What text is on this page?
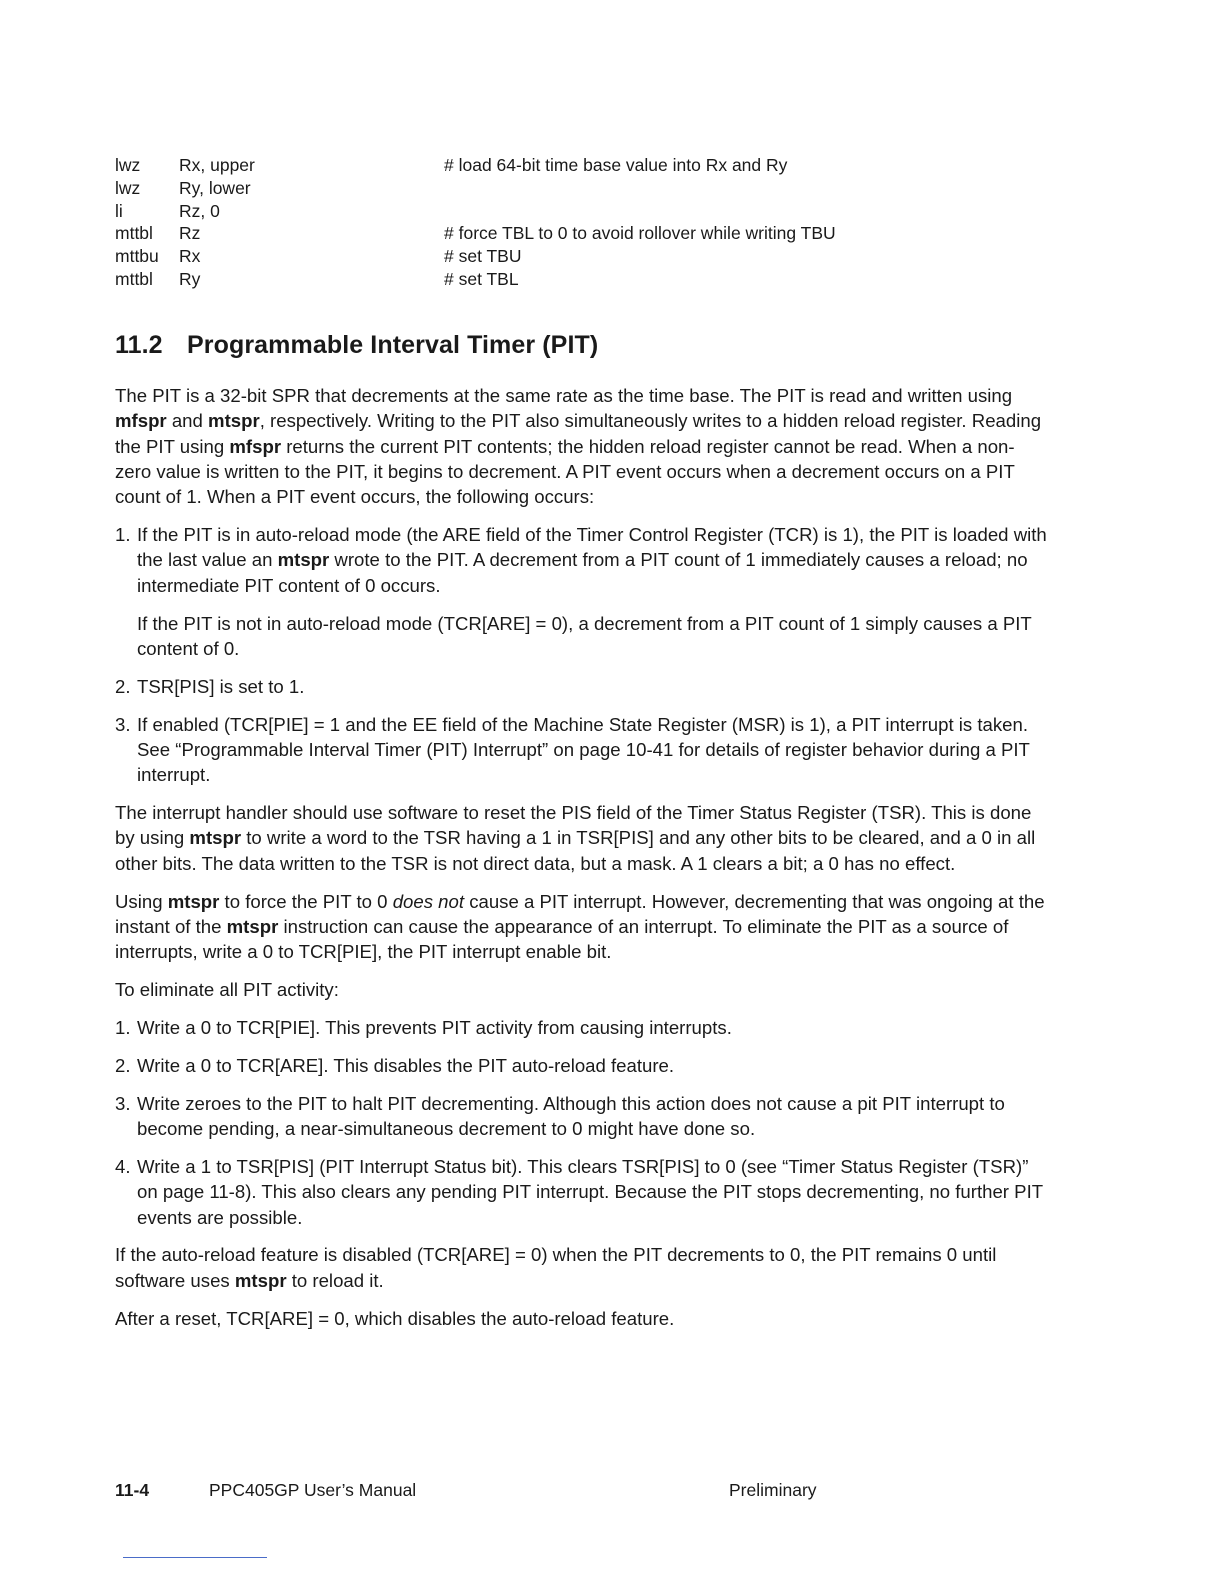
lwz	Rx, upper	# load 64-bit time base value into Rx and Ry
lwz	Ry, lower
li	Rz, 0
mttbl	Rz	# force TBL to 0 to avoid rollover while writing TBU
mttbu	Rx	# set TBU
mttbl	Ry	# set TBL
11.2 Programmable Interval Timer (PIT)

The PIT is a 32-bit SPR that decrements at the same rate as the time base. The PIT is read and written using mfspr and mtspr, respectively. Writing to the PIT also simultaneously writes to a hidden reload register. Reading the PIT using mfspr returns the current PIT contents; the hidden reload register cannot be read. When a non-zero value is written to the PIT, it begins to decrement. A PIT event occurs when a decrement occurs on a PIT count of 1. When a PIT event occurs, the following occurs:

1. If the PIT is in auto-reload mode (the ARE field of the Timer Control Register (TCR) is 1), the PIT is loaded with the last value an mtspr wrote to the PIT. A decrement from a PIT count of 1 immediately causes a reload; no intermediate PIT content of 0 occurs.

If the PIT is not in auto-reload mode (TCR[ARE] = 0), a decrement from a PIT count of 1 simply causes a PIT content of 0.

2. TSR[PIS] is set to 1.
3. If enabled (TCR[PIE] = 1 and the EE field of the Machine State Register (MSR) is 1), a PIT interrupt is taken. See “Programmable Interval Timer (PIT) Interrupt” on page 10-41 for details of register behavior during a PIT interrupt.

The interrupt handler should use software to reset the PIS field of the Timer Status Register (TSR). This is done by using mtspr to write a word to the TSR having a 1 in TSR[PIS] and any other bits to be cleared, and a 0 in all other bits. The data written to the TSR is not direct data, but a mask. A 1 clears a bit; a 0 has no effect.

Using mtspr to force the PIT to 0 does not cause a PIT interrupt. However, decrementing that was ongoing at the instant of the mtspr instruction can cause the appearance of an interrupt. To eliminate the PIT as a source of interrupts, write a 0 to TCR[PIE], the PIT interrupt enable bit.

To eliminate all PIT activity:

1. Write a 0 to TCR[PIE]. This prevents PIT activity from causing interrupts.
2. Write a 0 to TCR[ARE]. This disables the PIT auto-reload feature.
3. Write zeroes to the PIT to halt PIT decrementing. Although this action does not cause a pit PIT interrupt to become pending, a near-simultaneous decrement to 0 might have done so.
4. Write a 1 to TSR[PIS] (PIT Interrupt Status bit). This clears TSR[PIS] to 0 (see “Timer Status Register (TSR)” on page 11-8). This also clears any pending PIT interrupt. Because the PIT stops decrementing, no further PIT events are possible.

If the auto-reload feature is disabled (TCR[ARE] = 0) when the PIT decrements to 0, the PIT remains 0 until software uses mtspr to reload it.

After a reset, TCR[ARE] = 0, which disables the auto-reload feature.

11-4	PPC405GP User’s Manual	Preliminary
